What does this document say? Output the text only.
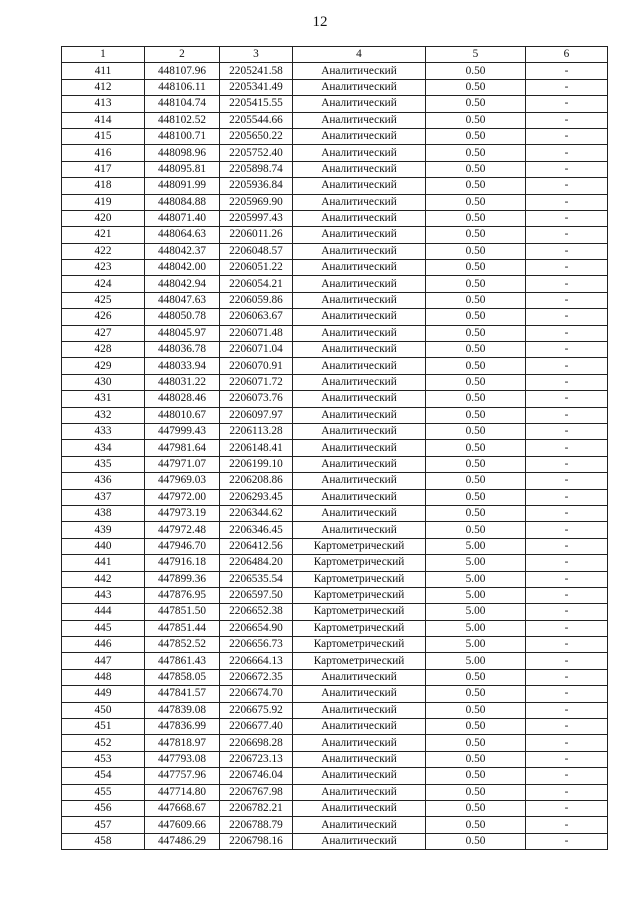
12
1	2	3	4	5	6
411	448107.96	2205241.58	Аналитический	0.50	-
412	448106.11	2205341.49	Аналитический	0.50	-
413	448104.74	2205415.55	Аналитический	0.50	-
414	448102.52	2205544.66	Аналитический	0.50	-
415	448100.71	2205650.22	Аналитический	0.50	-
416	448098.96	2205752.40	Аналитический	0.50	-
417	448095.81	2205898.74	Аналитический	0.50	-
418	448091.99	2205936.84	Аналитический	0.50	-
419	448084.88	2205969.90	Аналитический	0.50	-
420	448071.40	2205997.43	Аналитический	0.50	-
421	448064.63	2206011.26	Аналитический	0.50	-
422	448042.37	2206048.57	Аналитический	0.50	-
423	448042.00	2206051.22	Аналитический	0.50	-
424	448042.94	2206054.21	Аналитический	0.50	-
425	448047.63	2206059.86	Аналитический	0.50	-
426	448050.78	2206063.67	Аналитический	0.50	-
427	448045.97	2206071.48	Аналитический	0.50	-
428	448036.78	2206071.04	Аналитический	0.50	-
429	448033.94	2206070.91	Аналитический	0.50	-
430	448031.22	2206071.72	Аналитический	0.50	-
431	448028.46	2206073.76	Аналитический	0.50	-
432	448010.67	2206097.97	Аналитический	0.50	-
433	447999.43	2206113.28	Аналитический	0.50	-
434	447981.64	2206148.41	Аналитический	0.50	-
435	447971.07	2206199.10	Аналитический	0.50	-
436	447969.03	2206208.86	Аналитический	0.50	-
437	447972.00	2206293.45	Аналитический	0.50	-
438	447973.19	2206344.62	Аналитический	0.50	-
439	447972.48	2206346.45	Аналитический	0.50	-
440	447946.70	2206412.56	Картометрический	5.00	-
441	447916.18	2206484.20	Картометрический	5.00	-
442	447899.36	2206535.54	Картометрический	5.00	-
443	447876.95	2206597.50	Картометрический	5.00	-
444	447851.50	2206652.38	Картометрический	5.00	-
445	447851.44	2206654.90	Картометрический	5.00	-
446	447852.52	2206656.73	Картометрический	5.00	-
447	447861.43	2206664.13	Картометрический	5.00	-
448	447858.05	2206672.35	Аналитический	0.50	-
449	447841.57	2206674.70	Аналитический	0.50	-
450	447839.08	2206675.92	Аналитический	0.50	-
451	447836.99	2206677.40	Аналитический	0.50	-
452	447818.97	2206698.28	Аналитический	0.50	-
453	447793.08	2206723.13	Аналитический	0.50	-
454	447757.96	2206746.04	Аналитический	0.50	-
455	447714.80	2206767.98	Аналитический	0.50	-
456	447668.67	2206782.21	Аналитический	0.50	-
457	447609.66	2206788.79	Аналитический	0.50	-
458	447486.29	2206798.16	Аналитический	0.50	-
